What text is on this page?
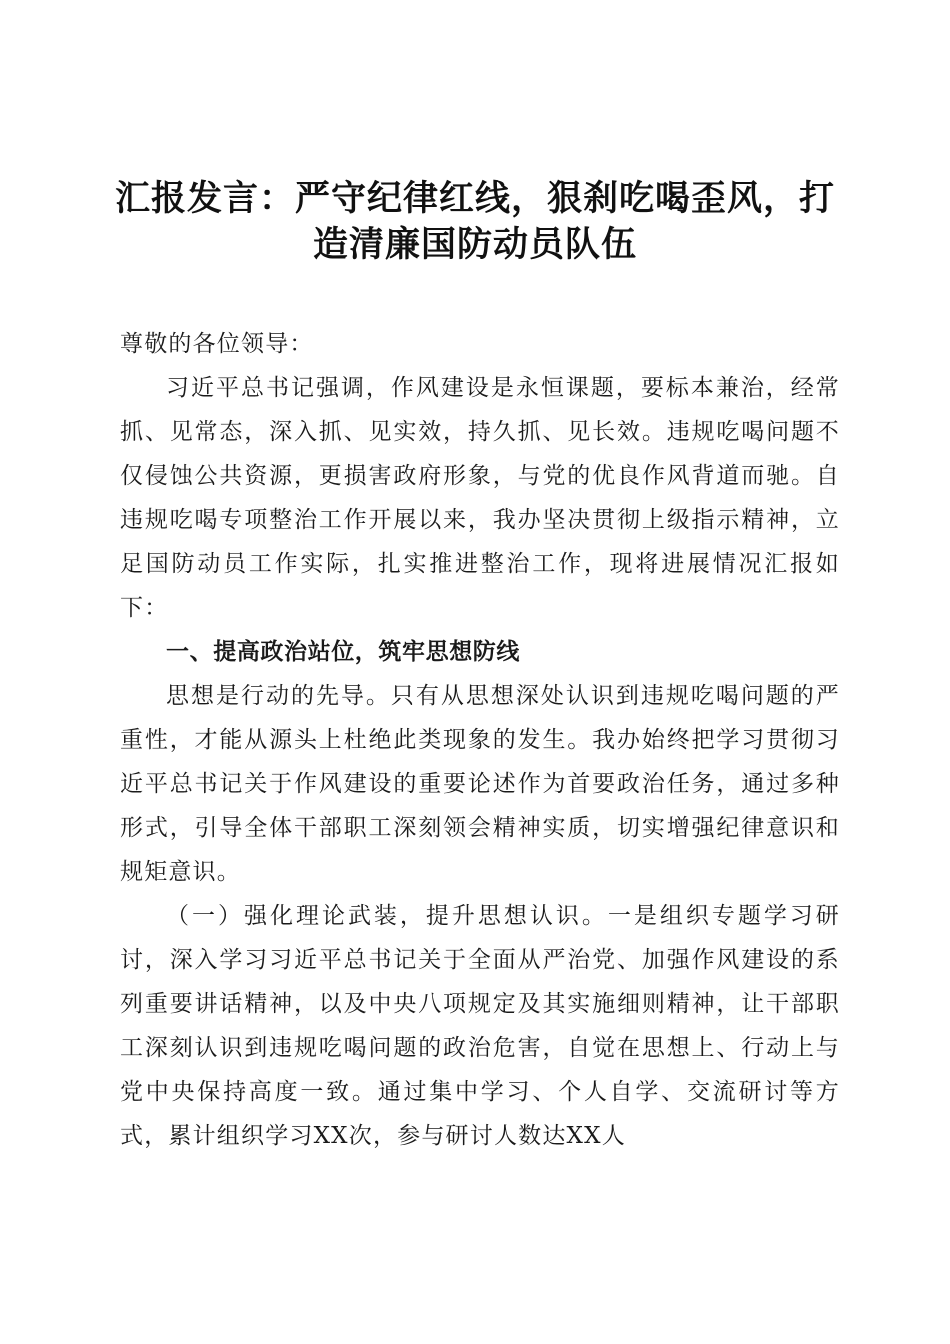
汇报发言：严守纪律红线，狠刹吃喝歪风，打
造清廉国防动员队伍

尊敬的各位领导：

习近平总书记强调，作风建设是永恒课题，要标本兼治，经常抓、见常态，深入抓、见实效，持久抓、见长效。违规吃喝问题不仅侵蚀公共资源，更损害政府形象，与党的优良作风背道而驰。自违规吃喝专项整治工作开展以来，我办坚决贯彻上级指示精神，立足国防动员工作实际，扎实推进整治工作，现将进展情况汇报如下：

一、提高政治站位，筑牢思想防线

思想是行动的先导。只有从思想深处认识到违规吃喝问题的严重性，才能从源头上杜绝此类现象的发生。我办始终把学习贯彻习近平总书记关于作风建设的重要论述作为首要政治任务，通过多种形式，引导全体干部职工深刻领会精神实质，切实增强纪律意识和规矩意识。

（一）强化理论武装，提升思想认识。一是组织专题学习研讨，深入学习习近平总书记关于全面从严治党、加强作风建设的系列重要讲话精神，以及中央八项规定及其实施细则精神，让干部职工深刻认识到违规吃喝问题的政治危害，自觉在思想上、行动上与党中央保持高度一致。通过集中学习、个人自学、交流研讨等方式，累计组织学习XX次，参与研讨人数达XX人
